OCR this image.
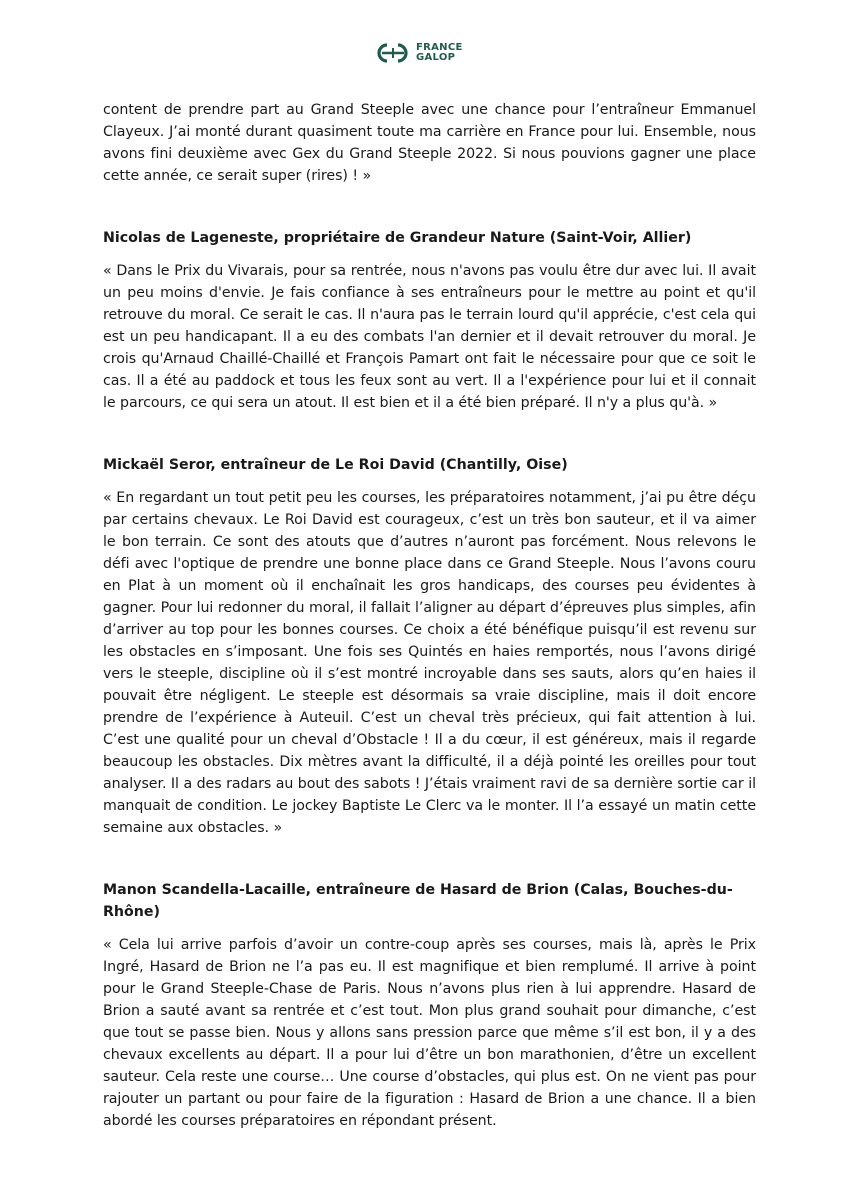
FRANCE
GALOP

content de prendre part au Grand Steeple avec une chance pour l’entraîneur Emmanuel Clayeux. J’ai monté durant quasiment toute ma carrière en France pour lui. Ensemble, nous avons fini deuxième avec Gex du Grand Steeple 2022. Si nous pouvions gagner une place cette année, ce serait super (rires) ! »

Nicolas de Lageneste, propriétaire de Grandeur Nature (Saint-Voir, Allier)

« Dans le Prix du Vivarais, pour sa rentrée, nous n'avons pas voulu être dur avec lui. Il avait un peu moins d'envie. Je fais confiance à ses entraîneurs pour le mettre au point et qu'il retrouve du moral. Ce serait le cas. Il n'aura pas le terrain lourd qu'il apprécie, c'est cela qui est un peu handicapant. Il a eu des combats l'an dernier et il devait retrouver du moral. Je crois qu'Arnaud Chaillé-Chaillé et François Pamart ont fait le nécessaire pour que ce soit le cas. Il a été au paddock et tous les feux sont au vert. Il a l'expérience pour lui et il connait le parcours, ce qui sera un atout. Il est bien et il a été bien préparé. Il n'y a plus qu'à. »

Mickaël Seror, entraîneur de Le Roi David (Chantilly, Oise)

« En regardant un tout petit peu les courses, les préparatoires notamment, j’ai pu être déçu par certains chevaux. Le Roi David est courageux, c’est un très bon sauteur, et il va aimer le bon terrain. Ce sont des atouts que d’autres n’auront pas forcément. Nous relevons le défi avec l'optique de prendre une bonne place dans ce Grand Steeple. Nous l’avons couru en Plat à un moment où il enchaînait les gros handicaps, des courses peu évidentes à gagner. Pour lui redonner du moral, il fallait l’aligner au départ d’épreuves plus simples, afin d’arriver au top pour les bonnes courses. Ce choix a été bénéfique puisqu’il est revenu sur les obstacles en s’imposant. Une fois ses Quintés en haies remportés, nous l’avons dirigé vers le steeple, discipline où il s’est montré incroyable dans ses sauts, alors qu’en haies il pouvait être négligent. Le steeple est désormais sa vraie discipline, mais il doit encore prendre de l’expérience à Auteuil. C’est un cheval très précieux, qui fait attention à lui. C’est une qualité pour un cheval d’Obstacle ! Il a du cœur, il est généreux, mais il regarde beaucoup les obstacles. Dix mètres avant la difficulté, il a déjà pointé les oreilles pour tout analyser. Il a des radars au bout des sabots ! J’étais vraiment ravi de sa dernière sortie car il manquait de condition. Le jockey Baptiste Le Clerc va le monter. Il l’a essayé un matin cette semaine aux obstacles. »

Manon Scandella-Lacaille, entraîneure de Hasard de Brion (Calas, Bouches-du-Rhône)

« Cela lui arrive parfois d’avoir un contre-coup après ses courses, mais là, après le Prix Ingré, Hasard de Brion ne l’a pas eu. Il est magnifique et bien remplumé. Il arrive à point pour le Grand Steeple-Chase de Paris. Nous n’avons plus rien à lui apprendre. Hasard de Brion a sauté avant sa rentrée et c’est tout. Mon plus grand souhait pour dimanche, c’est que tout se passe bien. Nous y allons sans pression parce que même s’il est bon, il y a des chevaux excellents au départ. Il a pour lui d’être un bon marathonien, d’être un excellent sauteur. Cela reste une course… Une course d’obstacles, qui plus est. On ne vient pas pour rajouter un partant ou pour faire de la figuration : Hasard de Brion a une chance. Il a bien abordé les courses préparatoires en répondant présent.
